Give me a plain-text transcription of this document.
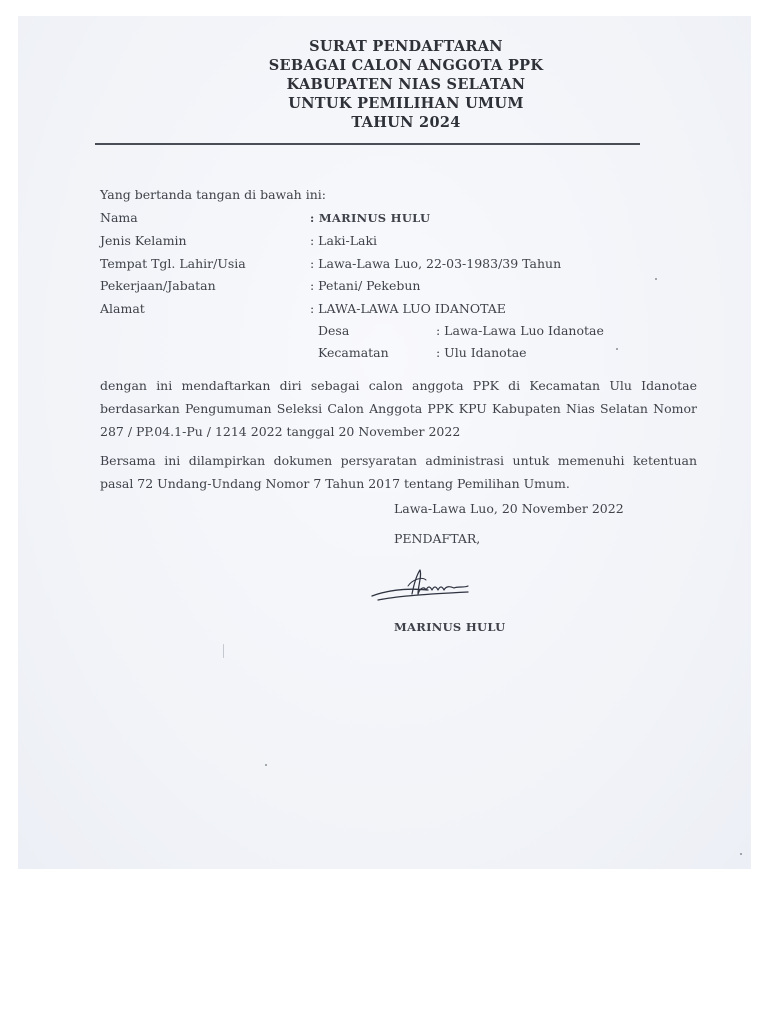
SURAT PENDAFTARAN
SEBAGAI CALON ANGGOTA PPK
KABUPATEN NIAS SELATAN
UNTUK PEMILIHAN UMUM
TAHUN 2024
Yang bertanda tangan di bawah ini:
Nama	: MARINUS HULU
Jenis Kelamin	: Laki-Laki
Tempat Tgl. Lahir/Usia	: Lawa-Lawa Luo, 22-03-1983/39 Tahun
Pekerjaan/Jabatan	: Petani/ Pekebun
Alamat	: LAWA-LAWA LUO IDANOTAE
Desa	: Lawa-Lawa Luo Idanotae
Kecamatan	: Ulu Idanotae
dengan ini mendaftarkan diri sebagai calon anggota PPK di Kecamatan Ulu Idanotae berdasarkan Pengumuman Seleksi Calon Anggota PPK KPU Kabupaten Nias Selatan Nomor 287 / PP.04.1-Pu / 1214 2022 tanggal 20 November 2022
Bersama ini dilampirkan dokumen persyaratan administrasi untuk memenuhi ketentuan pasal 72 Undang-Undang Nomor 7 Tahun 2017 tentang Pemilihan Umum.
Lawa-Lawa Luo, 20 November 2022
PENDAFTAR,
MARINUS HULU
